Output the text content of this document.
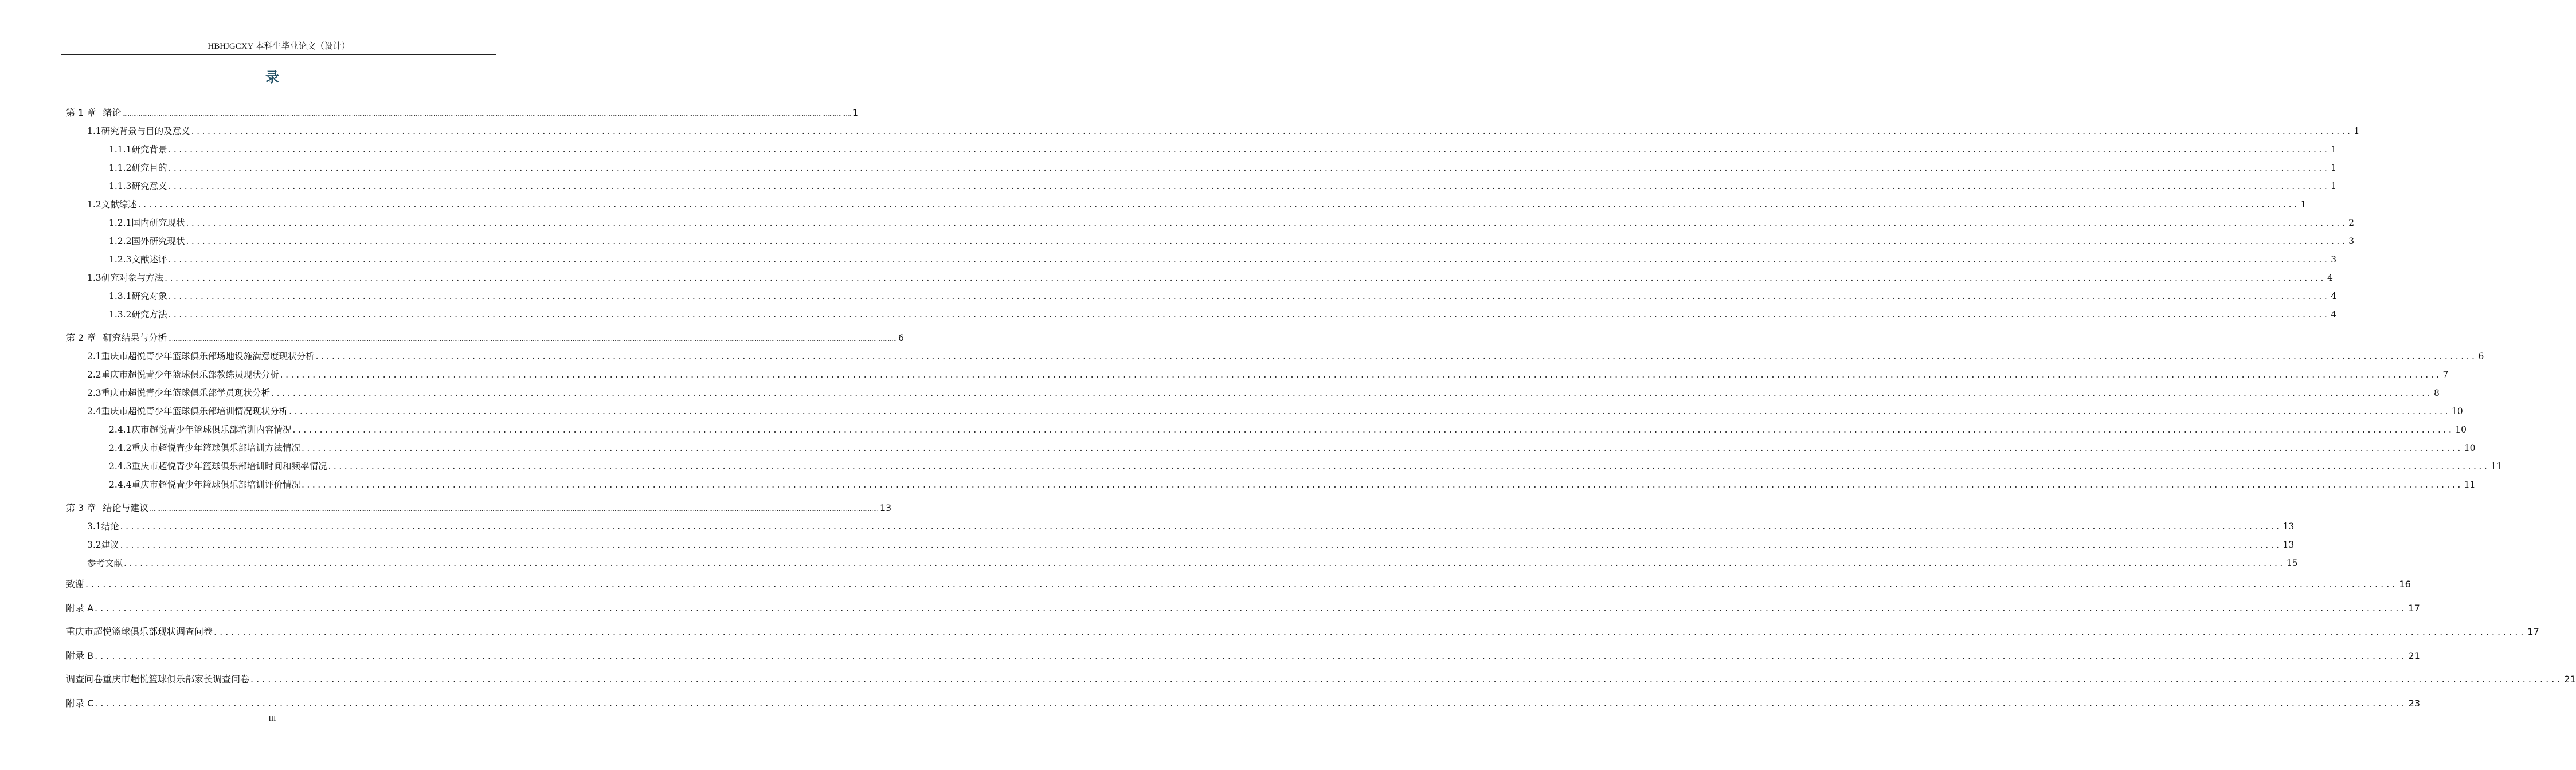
HBHJGCXY 本科生毕业论文（设计）
录
第 1 章 绪论 ................................................................................................................................................................................................................................................................................................................................................................................................................ 1
1.1 研究背景与目的及意义 ................................................................................................................................................................................................................................................................................................................................................................................................................ 1
1.1.1 研究背景 ................................................................................................................................................................................................................................................................................................................................................................................................................ 1
1.1.2 研究目的 ................................................................................................................................................................................................................................................................................................................................................................................................................ 1
1.1.3 研究意义 ................................................................................................................................................................................................................................................................................................................................................................................................................ 1
1.2 文献综述 ................................................................................................................................................................................................................................................................................................................................................................................................................ 1
1.2.1 国内研究现状 ................................................................................................................................................................................................................................................................................................................................................................................................................ 2
1.2.2 国外研究现状 ................................................................................................................................................................................................................................................................................................................................................................................................................ 3
1.2.3 文献述评 ................................................................................................................................................................................................................................................................................................................................................................................................................ 3
1.3 研究对象与方法 ................................................................................................................................................................................................................................................................................................................................................................................................................ 4
1.3.1 研究对象 ................................................................................................................................................................................................................................................................................................................................................................................................................ 4
1.3.2 研究方法 ................................................................................................................................................................................................................................................................................................................................................................................................................ 4
第 2 章 研究结果与分析 ................................................................................................................................................................................................................................................................................................................................................................................................................ 6
2.1 重庆市超悦青少年篮球俱乐部场地设施满意度现状分析 ................................................................................................................................................................................................................................................................................................................................................................................................................ 6
2.2 重庆市超悦青少年篮球俱乐部教练员现状分析 ................................................................................................................................................................................................................................................................................................................................................................................................................ 7
2.3 重庆市超悦青少年篮球俱乐部学员现状分析 ................................................................................................................................................................................................................................................................................................................................................................................................................ 8
2.4 重庆市超悦青少年篮球俱乐部培训情况现状分析 ................................................................................................................................................................................................................................................................................................................................................................................................................ 10
2.4.1 庆市超悦青少年篮球俱乐部培训内容情况 ................................................................................................................................................................................................................................................................................................................................................................................................................ 10
2.4.2 重庆市超悦青少年篮球俱乐部培训方法情况 ................................................................................................................................................................................................................................................................................................................................................................................................................ 10
2.4.3 重庆市超悦青少年篮球俱乐部培训时间和频率情况 ................................................................................................................................................................................................................................................................................................................................................................................................................ 11
2.4.4 重庆市超悦青少年篮球俱乐部培训评价情况 ................................................................................................................................................................................................................................................................................................................................................................................................................ 11
第 3 章 结论与建议 ................................................................................................................................................................................................................................................................................................................................................................................................................ 13
3.1 结论 ................................................................................................................................................................................................................................................................................................................................................................................................................ 13
3.2 建议 ................................................................................................................................................................................................................................................................................................................................................................................................................ 13
参考文献 ................................................................................................................................................................................................................................................................................................................................................................................................................ 15
致谢 ................................................................................................................................................................................................................................................................................................................................................................................................................ 16
附录 A ................................................................................................................................................................................................................................................................................................................................................................................................................ 17
重庆市超悦篮球俱乐部现状调查问卷 ................................................................................................................................................................................................................................................................................................................................................................................................................ 17
附录 B ................................................................................................................................................................................................................................................................................................................................................................................................................ 21
调查问卷重庆市超悦篮球俱乐部家长调查问卷 ................................................................................................................................................................................................................................................................................................................................................................................................................ 21
附录 C ................................................................................................................................................................................................................................................................................................................................................................................................................ 23
III
